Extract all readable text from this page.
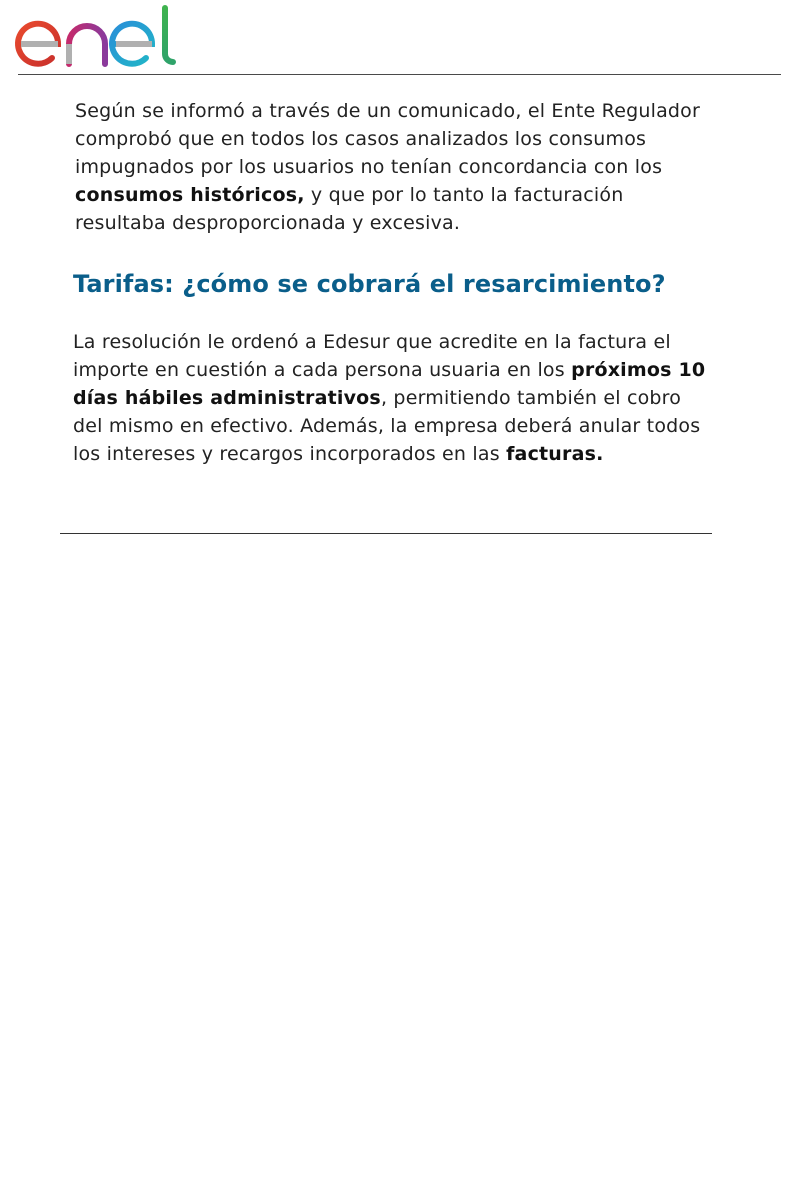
Según se informó a través de un comunicado, el Ente Regulador comprobó que en todos los casos analizados los consumos impugnados por los usuarios no tenían concordancia con los consumos históricos, y que por lo tanto la facturación resultaba desproporcionada y excesiva.

Tarifas: ¿cómo se cobrará el resarcimiento?

La resolución le ordenó a Edesur que acredite en la factura el importe en cuestión a cada persona usuaria en los próximos 10 días hábiles administrativos, permitiendo también el cobro del mismo en efectivo. Además, la empresa deberá anular todos los intereses y recargos incorporados en las facturas.
